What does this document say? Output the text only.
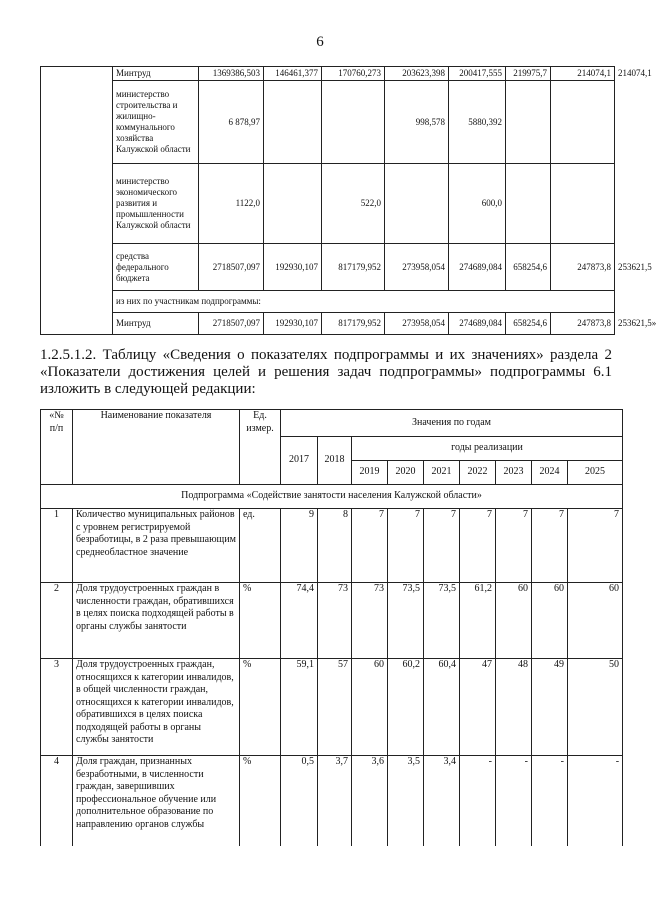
6
	Минтруд	1369386,503	146461,377	170760,273	203623,398	200417,555	219975,7	214074,1	214074,1
	министерство строительства и жилищно-коммунального хозяйства Калужской области	6 878,97			998,578	5880,392			
	министерство экономического развития и промышленности Калужской области	1122,0		522,0		600,0			
	средства федерального бюджета	2718507,097	192930,107	817179,952	273958,054	274689,084	658254,6	247873,8	253621,5
	из них по участникам подпрограммы:								
	Минтруд	2718507,097	192930,107	817179,952	273958,054	274689,084	658254,6	247873,8	253621,5»
1.2.5.1.2. Таблицу «Сведения о показателях подпрограммы и их значениях» раздела 2 «Показатели достижения целей и решения задач подпрограммы» подпрограммы 6.1 изложить в следующей редакции:
«№ п/п	Наименование показателя	Ед. измер.	Значения по годам								
			2017	2018	годы реализации						
					2019	2020	2021	2022	2023	2024	2025
Подпрограмма «Содействие занятости населения Калужской области»											
1	Количество муниципальных районов с уровнем регистрируемой безработицы, в 2 раза превышающим среднеобластное значение	ед.	9	8	7	7	7	7	7	7	7
2	Доля трудоустроенных граждан в численности граждан, обратившихся в целях поиска подходящей работы в органы службы занятости	%	74,4	73	73	73,5	73,5	61,2	60	60	60
3	Доля трудоустроенных граждан, относящихся к категории инвалидов, в общей численности граждан, относящихся к категории инвалидов, обратившихся в целях поиска подходящей работы в органы службы занятости	%	59,1	57	60	60,2	60,4	47	48	49	50
4	Доля граждан, признанных безработными, в численности граждан, завершивших профессиональное обучение или дополнительное образование по направлению органов службы	%	0,5	3,7	3,6	3,5	3,4	-	-	-	-
